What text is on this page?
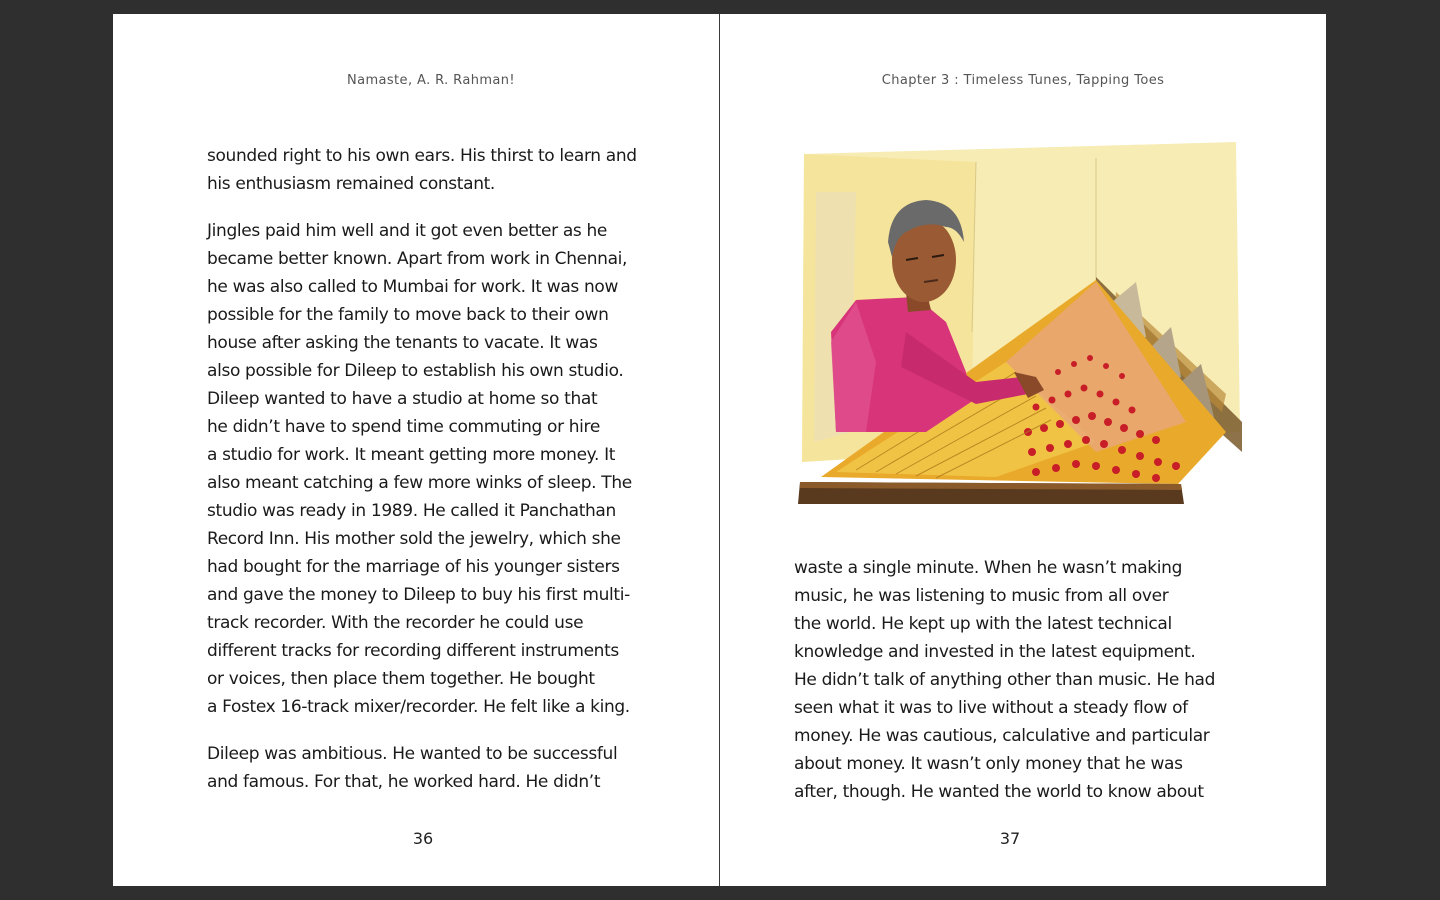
Namaste, A. R. Rahman!

sounded right to his own ears. His thirst to learn and
his enthusiasm remained constant.

Jingles paid him well and it got even better as he
became better known. Apart from work in Chennai,
he was also called to Mumbai for work. It was now
possible for the family to move back to their own
house after asking the tenants to vacate. It was
also possible for Dileep to establish his own studio.
Dileep wanted to have a studio at home so that
he didn’t have to spend time commuting or hire
a studio for work. It meant getting more money. It
also meant catching a few more winks of sleep. The
studio was ready in 1989. He called it Panchathan
Record Inn. His mother sold the jewelry, which she
had bought for the marriage of his younger sisters
and gave the money to Dileep to buy his first multi-
track recorder. With the recorder he could use
different tracks for recording different instruments
or voices, then place them together. He bought
a Fostex 16-track mixer/recorder. He felt like a king.

Dileep was ambitious. He wanted to be successful
and famous. For that, he worked hard. He didn’t

36
Chapter 3 : Timeless Tunes, Tapping Toes

waste a single minute. When he wasn’t making
music, he was listening to music from all over
the world. He kept up with the latest technical
knowledge and invested in the latest equipment.
He didn’t talk of anything other than music. He had
seen what it was to live without a steady flow of
money. He was cautious, calculative and particular
about money. It wasn’t only money that he was
after, though. He wanted the world to know about

37
